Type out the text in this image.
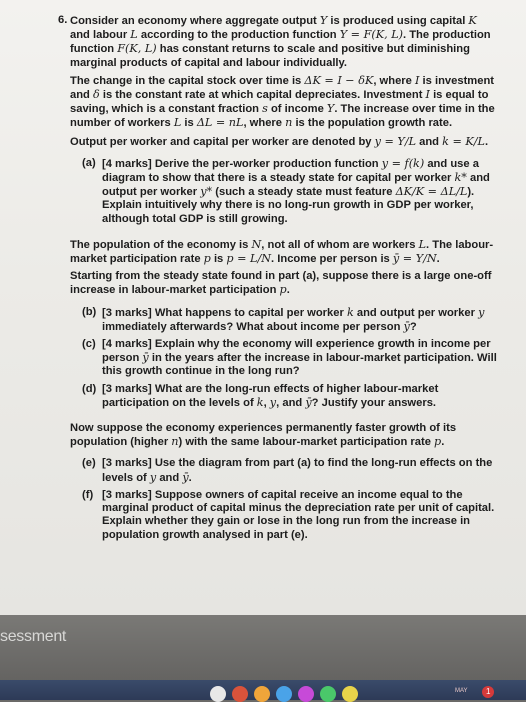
6. Consider an economy where aggregate output Y is produced using capital K and labour L according to the production function Y = F(K, L). The production function F(K, L) has constant returns to scale and positive but diminishing marginal products of capital and labour individually.

The change in the capital stock over time is ΔK = I − δK, where I is investment and δ is the constant rate at which capital depreciates. Investment I is equal to saving, which is a constant fraction s of income Y. The increase over time in the number of workers L is ΔL = nL, where n is the population growth rate.

Output per worker and capital per worker are denoted by y = Y/L and k = K/L.

(a) [4 marks] Derive the per-worker production function y = f(k) and use a diagram to show that there is a steady state for capital per worker k* and output per worker y* (such a steady state must feature ΔK/K = ΔL/L). Explain intuitively why there is no long-run growth in GDP per worker, although total GDP is still growing.

The population of the economy is N, not all of whom are workers L. The labour-market participation rate p is p = L/N. Income per person is ȳ = Y/N.

Starting from the steady state found in part (a), suppose there is a large one-off increase in labour-market participation p.

(b) [3 marks] What happens to capital per worker k and output per worker y immediately afterwards? What about income per person ȳ?
(c) [4 marks] Explain why the economy will experience growth in income per person ȳ in the years after the increase in labour-market participation. Will this growth continue in the long run?
(d) [3 marks] What are the long-run effects of higher labour-market participation on the levels of k, y, and ȳ? Justify your answers.

Now suppose the economy experiences permanently faster growth of its population (higher n) with the same labour-market participation rate p.

(e) [3 marks] Use the diagram from part (a) to find the long-run effects on the levels of y and ȳ.
(f) [3 marks] Suppose owners of capital receive an income equal to the marginal product of capital minus the depreciation rate per unit of capital. Explain whether they gain or lose in the long run from the increase in population growth analysed in part (e).
sessment
MAY	1
